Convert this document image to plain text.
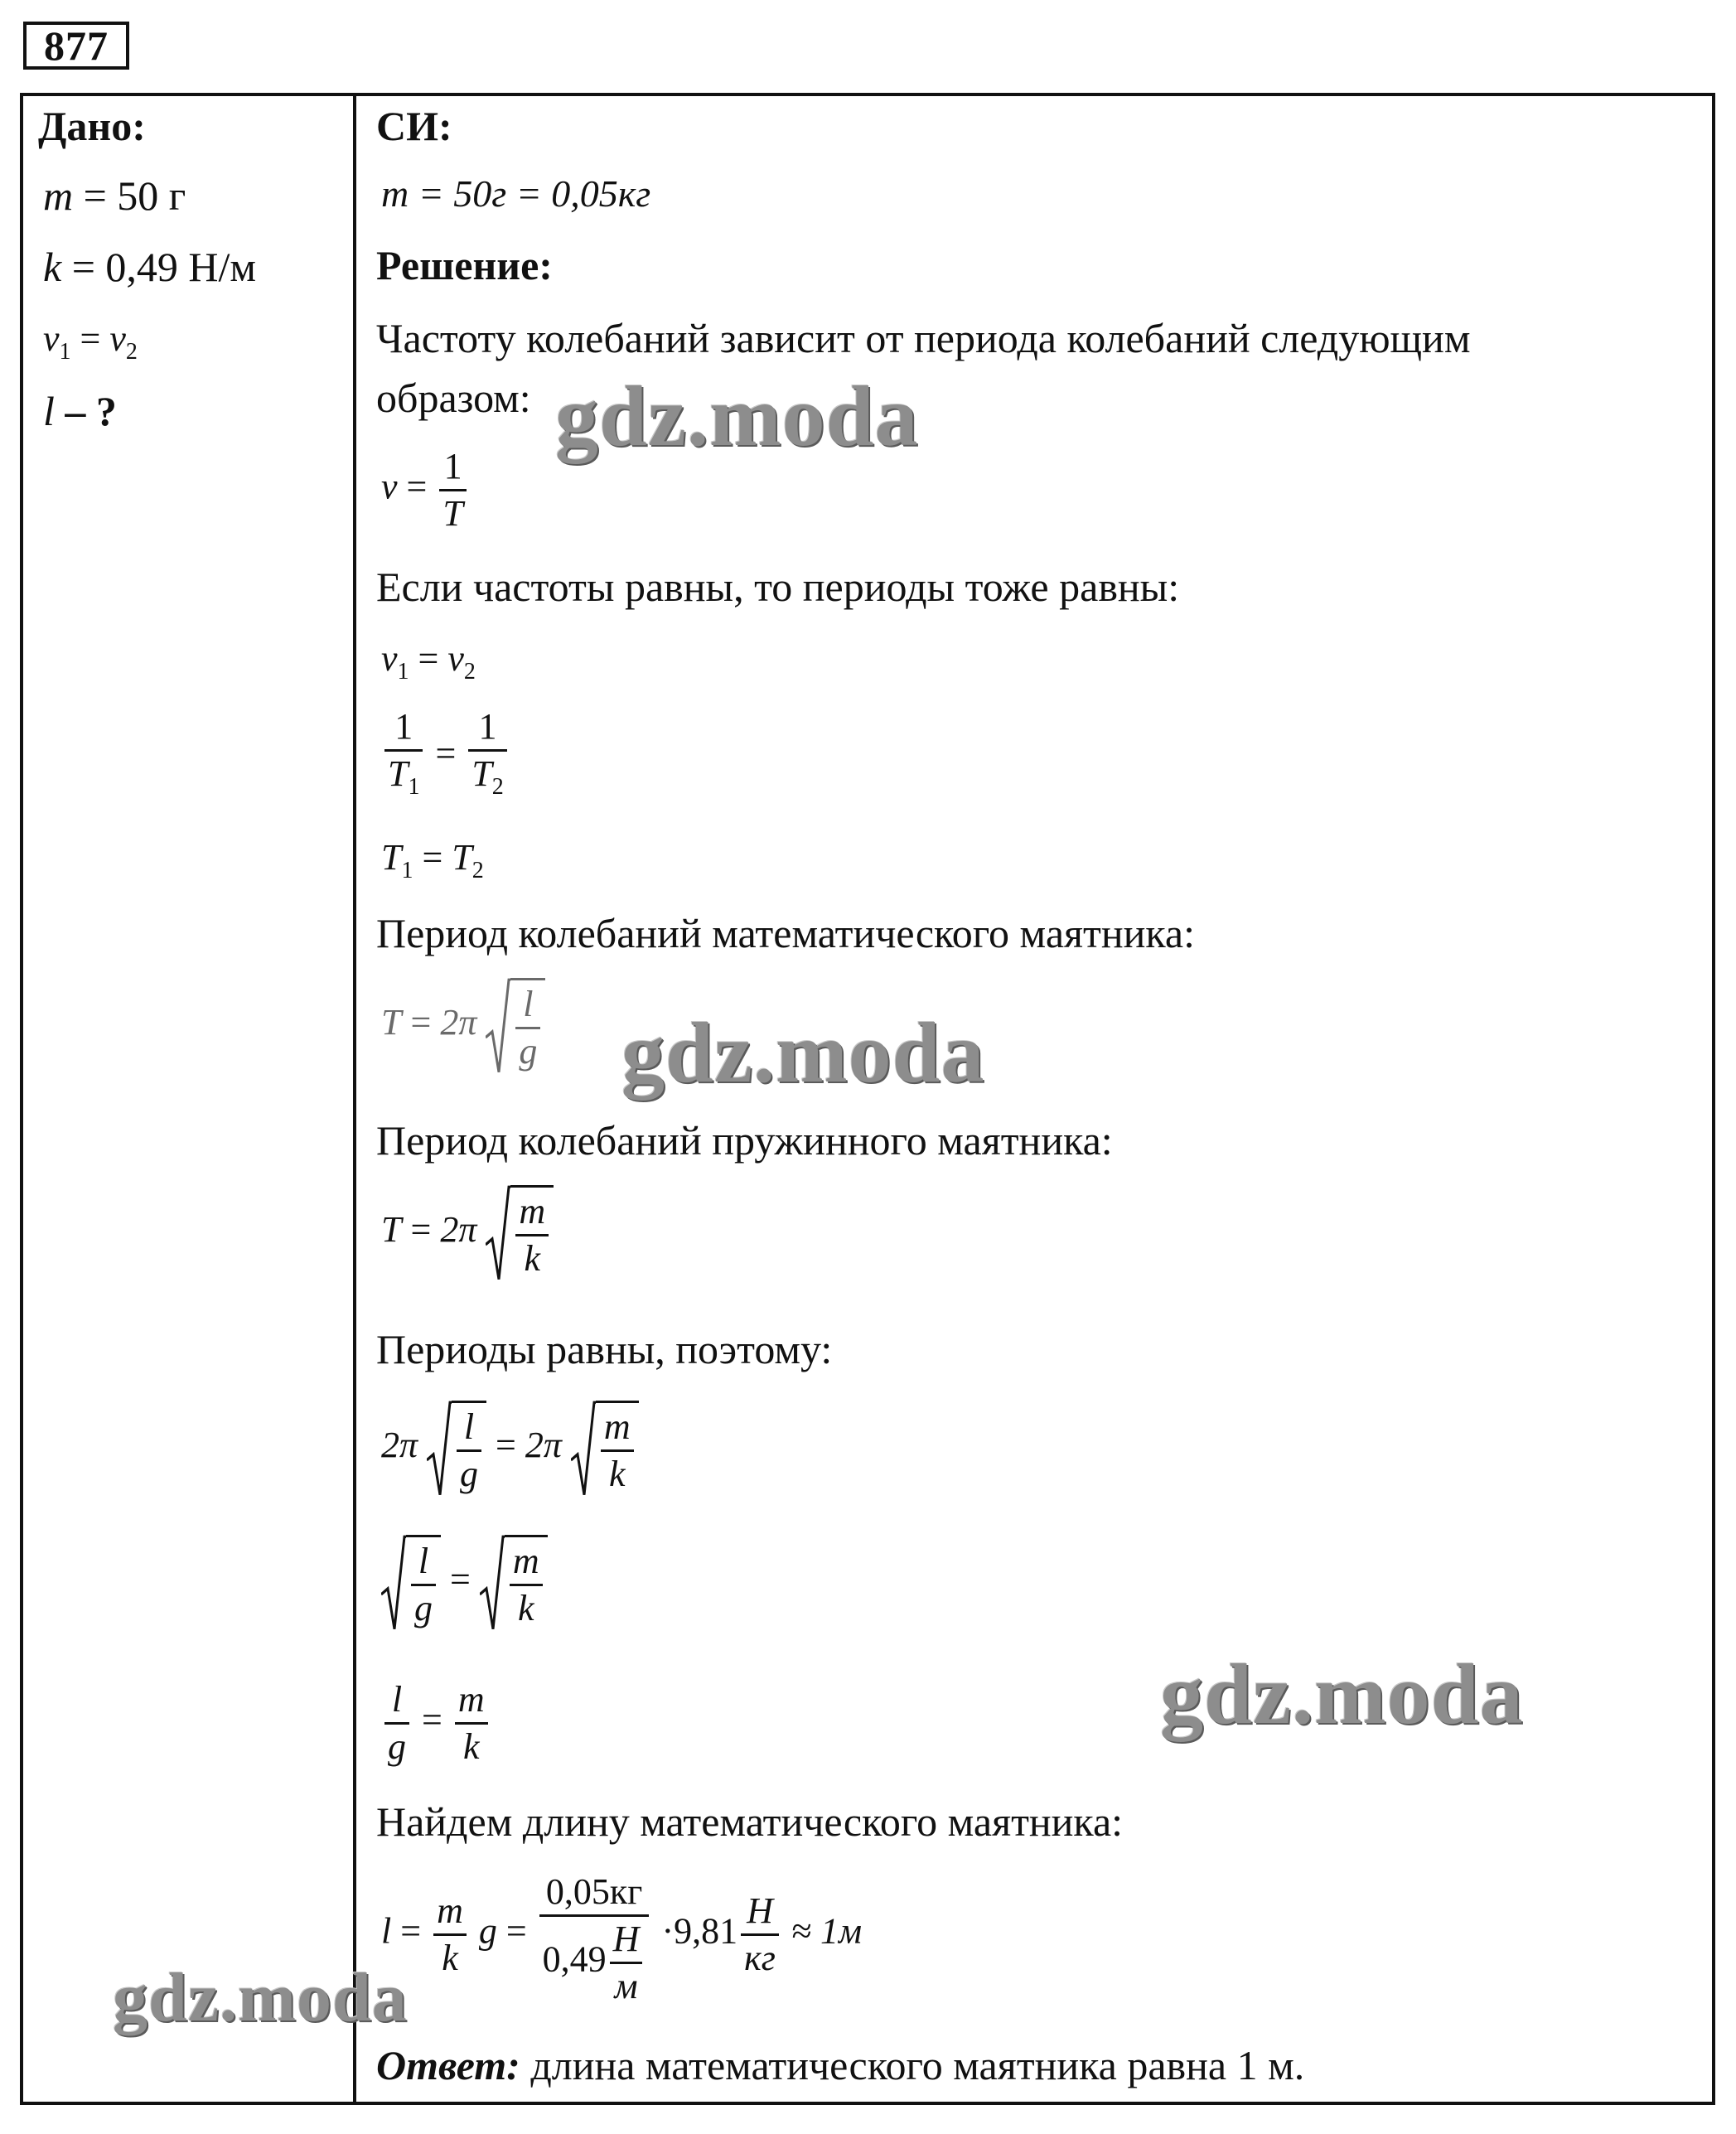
877
Дано:
m = 50 г
k = 0,49 Н/м
$\nu_1 = \nu_2$
l – ?
СИ:
m = 50г = 0,05кг
Решение:
Частоту колебаний зависит от периода колебаний следующим
образом:
$\nu = \frac{1}{T}$
Если частоты равны, то периоды тоже равны:
$\nu_1 = \nu_2$
$\frac{1}{T_1} = \frac{1}{T_2}$
$T_1 = T_2$
Период колебаний математического маятника:
$T = 2\pi \frac{l}{g}$
Период колебаний пружинного маятника:
$T = 2\pi \frac{m}{k}$
Периоды равны, поэтому:
$2\pi \frac{l}{g} = 2\pi \frac{m}{k}$
$\frac{l}{g} = \frac{m}{k}$
$\frac{l}{g} = \frac{m}{k}$
Найдем длину математического маятника:
$l = \frac{m}{k}$ $g = \frac{0,05кг}{0,49 \frac{Н}{м}} \cdot 9,81 \frac{Н}{кг} \approx 1м$
Ответ: длина математического маятника равна 1 м.
gdz.moda
gdz.moda
gdz.moda
gdz.moda
